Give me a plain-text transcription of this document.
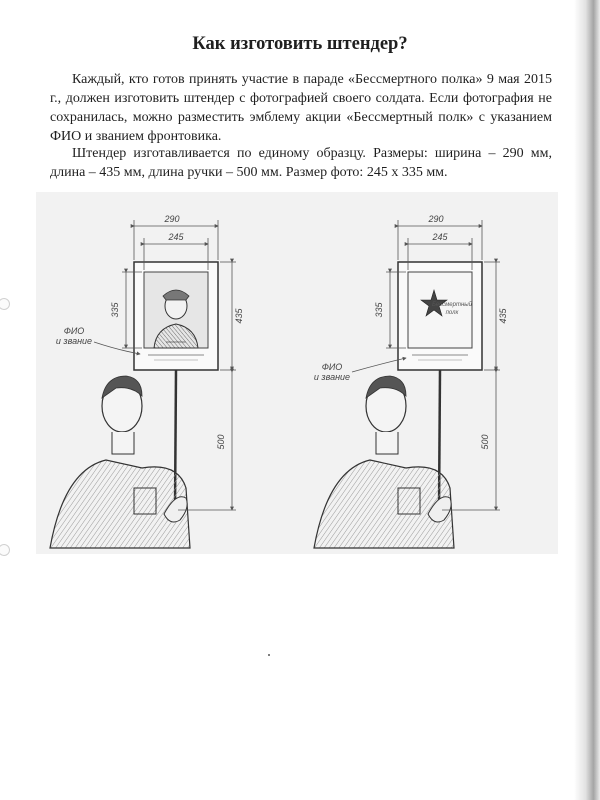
Как изготовить штендер?

Каждый, кто готов принять участие в параде «Бессмертного полка» 9 мая 2015 г., должен изготовить штендер с фотографией своего солдата. Если фотография не сохранилась, можно разместить эмблему акции «Бессмертный полк» с указанием ФИО и званием фронтовика.

Штендер изготавливается по единому образцу. Размеры: ширина – 290 мм, длина – 435 мм, длина ручки – 500 мм. Размер фото: 245 х 335 мм.

290
245
335	435
500
ФИО
и звание
Бессмертный
полк
290
245
335	435
500
ФИО
и звание
